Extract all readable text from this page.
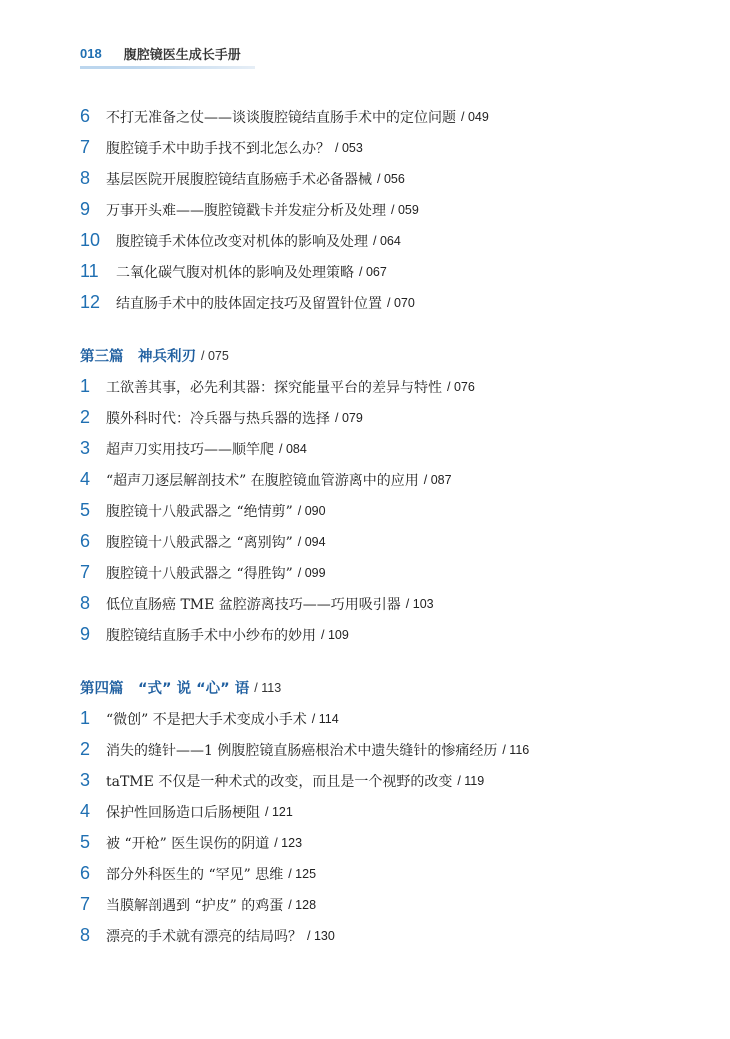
018 腹腔镜医生成长手册
6	不打无准备之仗——谈谈腹腔镜结直肠手术中的定位问题 / 049
7	腹腔镜手术中助手找不到北怎么办？ / 053
8	基层医院开展腹腔镜结直肠癌手术必备器械 / 056
9	万事开头难——腹腔镜戳卡并发症分析及处理 / 059
10	腹腔镜手术体位改变对机体的影响及处理 / 064
11	二氧化碳气腹对机体的影响及处理策略 / 067
12	结直肠手术中的肢体固定技巧及留置针位置 / 070
第三篇　神兵利刃 / 075
1	工欲善其事，必先利其器：探究能量平台的差异与特性 / 076
2	膜外科时代：冷兵器与热兵器的选择 / 079
3	超声刀实用技巧——顺竿爬 / 084
4	“超声刀逐层解剖技术” 在腹腔镜血管游离中的应用 / 087
5	腹腔镜十八般武器之 “绝情剪” / 090
6	腹腔镜十八般武器之 “离别钩” / 094
7	腹腔镜十八般武器之 “得胜钩” / 099
8	低位直肠癌 TME 盆腔游离技巧——巧用吸引器 / 103
9	腹腔镜结直肠手术中小纱布的妙用 / 109
第四篇　“式” 说 “心” 语 / 113
1	“微创” 不是把大手术变成小手术 / 114
2	消失的缝针——1 例腹腔镜直肠癌根治术中遗失缝针的惨痛经历 / 116
3	taTME 不仅是一种术式的改变，而且是一个视野的改变 / 119
4	保护性回肠造口后肠梗阻 / 121
5	被 “开枪” 医生误伤的阴道 / 123
6	部分外科医生的 “罕见” 思维 / 125
7	当膜解剖遇到 “护皮” 的鸡蛋 / 128
8	漂亮的手术就有漂亮的结局吗？ / 130
